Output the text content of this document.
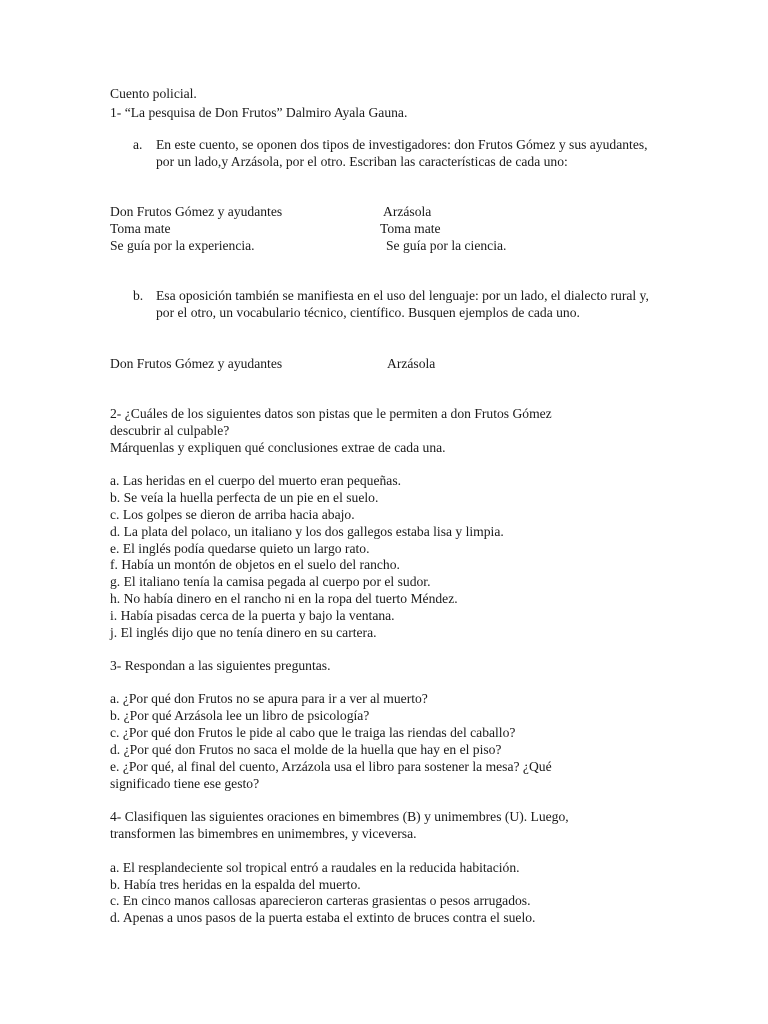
Cuento policial.
1- “La pesquisa de Don Frutos” Dalmiro Ayala Gauna.
a. En este cuento, se oponen dos tipos de investigadores: don Frutos Gómez y sus ayudantes, por un lado,y Arzásola, por el otro. Escriban las características de cada uno:
Don Frutos Gómez y ayudantes	Arzásola
Toma mate	Toma mate
Se guía por la experiencia.	Se guía por la ciencia.
b. Esa oposición también se manifiesta en el uso del lenguaje: por un lado, el dialecto rural y, por el otro, un vocabulario técnico, científico. Busquen ejemplos de cada uno.
Don Frutos Gómez y ayudantes	Arzásola
2- ¿Cuáles de los siguientes datos son pistas que le permiten a don Frutos Gómez
descubrir al culpable?
Márquenlas y expliquen qué conclusiones extrae de cada una.
a. Las heridas en el cuerpo del muerto eran pequeñas.
b. Se veía la huella perfecta de un pie en el suelo.
c. Los golpes se dieron de arriba hacia abajo.
d. La plata del polaco, un italiano y los dos gallegos estaba lisa y limpia.
e. El inglés podía quedarse quieto un largo rato.
f. Había un montón de objetos en el suelo del rancho.
g. El italiano tenía la camisa pegada al cuerpo por el sudor.
h. No había dinero en el rancho ni en la ropa del tuerto Méndez.
i. Había pisadas cerca de la puerta y bajo la ventana.
j. El inglés dijo que no tenía dinero en su cartera.
3- Respondan a las siguientes preguntas.
a. ¿Por qué don Frutos no se apura para ir a ver al muerto?
b. ¿Por qué Arzásola lee un libro de psicología?
c. ¿Por qué don Frutos le pide al cabo que le traiga las riendas del caballo?
d. ¿Por qué don Frutos no saca el molde de la huella que hay en el piso?
e. ¿Por qué, al final del cuento, Arzázola usa el libro para sostener la mesa? ¿Qué
significado tiene ese gesto?
4- Clasifiquen las siguientes oraciones en bimembres (B) y unimembres (U). Luego,
transformen las bimembres en unimembres, y viceversa.
a. El resplandeciente sol tropical entró a raudales en la reducida habitación.
b. Había tres heridas en la espalda del muerto.
c. En cinco manos callosas aparecieron carteras grasientas o pesos arrugados.
d. Apenas a unos pasos de la puerta estaba el extinto de bruces contra el suelo.
